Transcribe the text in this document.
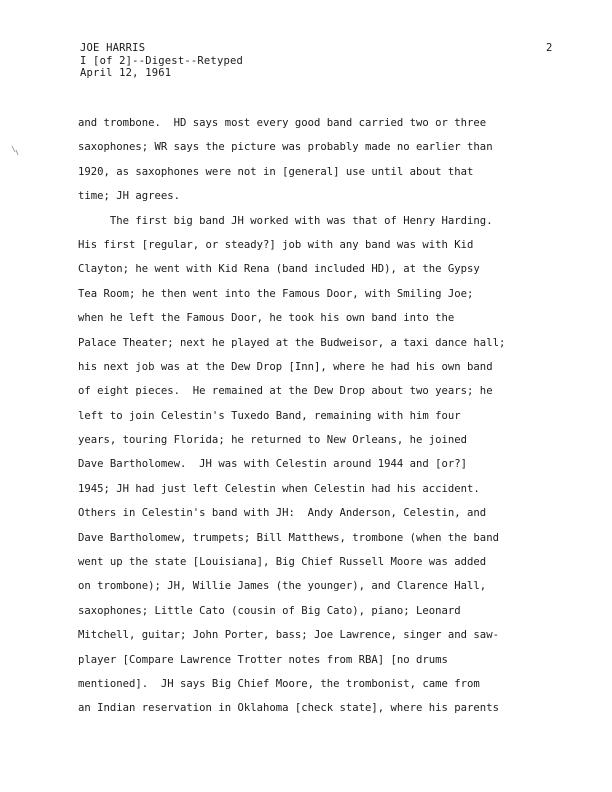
JOE HARRIS
I [of 2]--Digest--Retyped
April 12, 1961
2
and trombone.  HD says most every good band carried two or three
saxophones; WR says the picture was probably made no earlier than
1920, as saxophones were not in [general] use until about that
time; JH agrees.
The first big band JH worked with was that of Henry Harding.
His first [regular, or steady?] job with any band was with Kid
Clayton; he went with Kid Rena (band included HD), at the Gypsy
Tea Room; he then went into the Famous Door, with Smiling Joe;
when he left the Famous Door, he took his own band into the
Palace Theater; next he played at the Budweisor, a taxi dance hall;
his next job was at the Dew Drop [Inn], where he had his own band
of eight pieces.  He remained at the Dew Drop about two years; he
left to join Celestin's Tuxedo Band, remaining with him four
years, touring Florida; he returned to New Orleans, he joined
Dave Bartholomew.  JH was with Celestin around 1944 and [or?]
1945; JH had just left Celestin when Celestin had his accident.
Others in Celestin's band with JH:  Andy Anderson, Celestin, and
Dave Bartholomew, trumpets; Bill Matthews, trombone (when the band
went up the state [Louisiana], Big Chief Russell Moore was added
on trombone); JH, Willie James (the younger), and Clarence Hall,
saxophones; Little Cato (cousin of Big Cato), piano; Leonard
Mitchell, guitar; John Porter, bass; Joe Lawrence, singer and saw-
player [Compare Lawrence Trotter notes from RBA] [no drums
mentioned].  JH says Big Chief Moore, the trombonist, came from
an Indian reservation in Oklahoma [check state], where his parents
